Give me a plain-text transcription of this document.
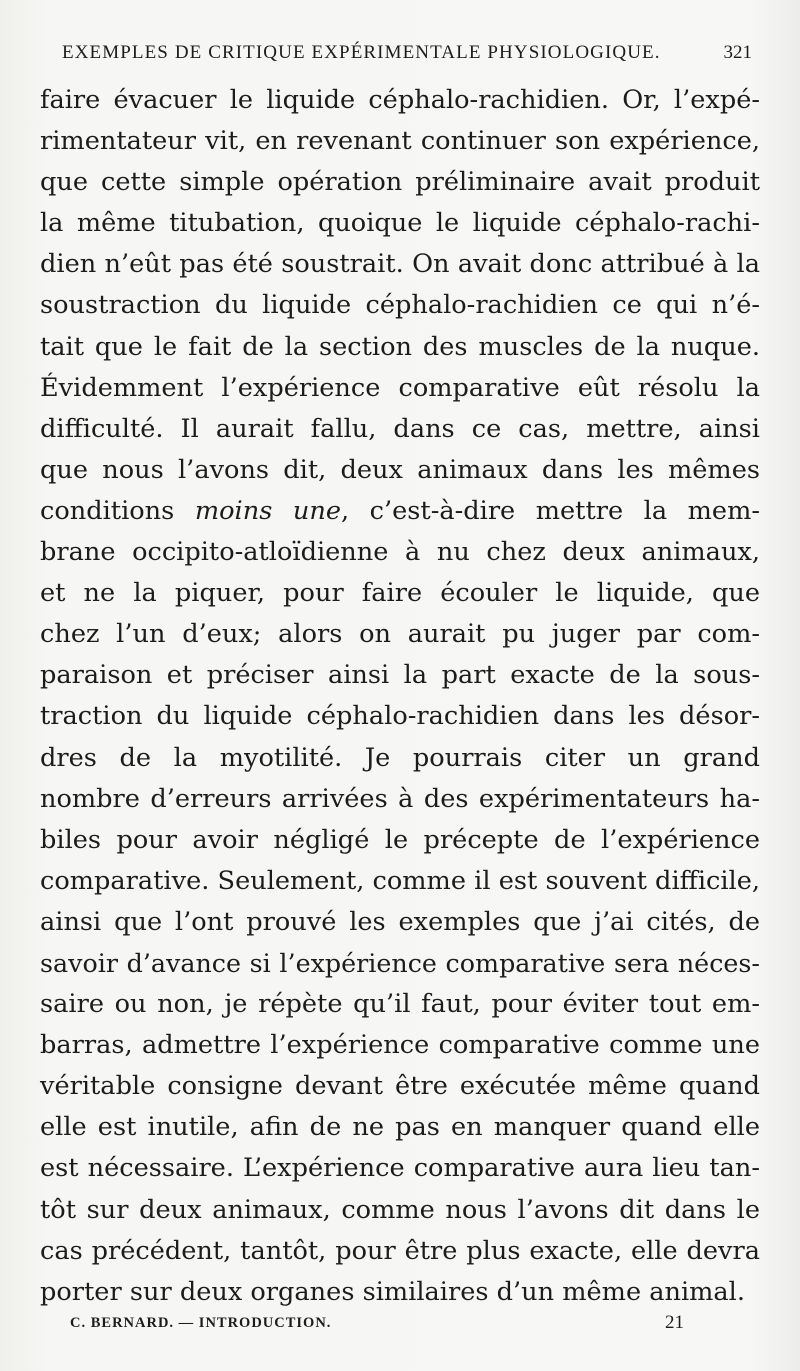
EXEMPLES DE CRITIQUE EXPÉRIMENTALE PHYSIOLOGIQUE.	321
faire évacuer le liquide céphalo-rachidien. Or, l’expé-
rimentateur vit, en revenant continuer son expérience,
que cette simple opération préliminaire avait produit
la même titubation, quoique le liquide céphalo-rachi-
dien n’eût pas été soustrait. On avait donc attribué à la
soustraction du liquide céphalo-rachidien ce qui n’é-
tait que le fait de la section des muscles de la nuque.
Évidemment l’expérience comparative eût résolu la
difficulté. Il aurait fallu, dans ce cas, mettre, ainsi
que nous l’avons dit, deux animaux dans les mêmes
conditions moins une, c’est-à-dire mettre la mem-
brane occipito-atloïdienne à nu chez deux animaux,
et ne la piquer, pour faire écouler le liquide, que
chez l’un d’eux; alors on aurait pu juger par com-
paraison et préciser ainsi la part exacte de la sous-
traction du liquide céphalo-rachidien dans les désor-
dres de la myotilité. Je pourrais citer un grand
nombre d’erreurs arrivées à des expérimentateurs ha-
biles pour avoir négligé le précepte de l’expérience
comparative. Seulement, comme il est souvent difficile,
ainsi que l’ont prouvé les exemples que j’ai cités, de
savoir d’avance si l’expérience comparative sera néces-
saire ou non, je répète qu’il faut, pour éviter tout em-
barras, admettre l’expérience comparative comme une
véritable consigne devant être exécutée même quand
elle est inutile, afin de ne pas en manquer quand elle
est nécessaire. L’expérience comparative aura lieu tan-
tôt sur deux animaux, comme nous l’avons dit dans le
cas précédent, tantôt, pour être plus exacte, elle devra
porter sur deux organes similaires d’un même animal.
C. BERNARD. — INTRODUCTION.	21
